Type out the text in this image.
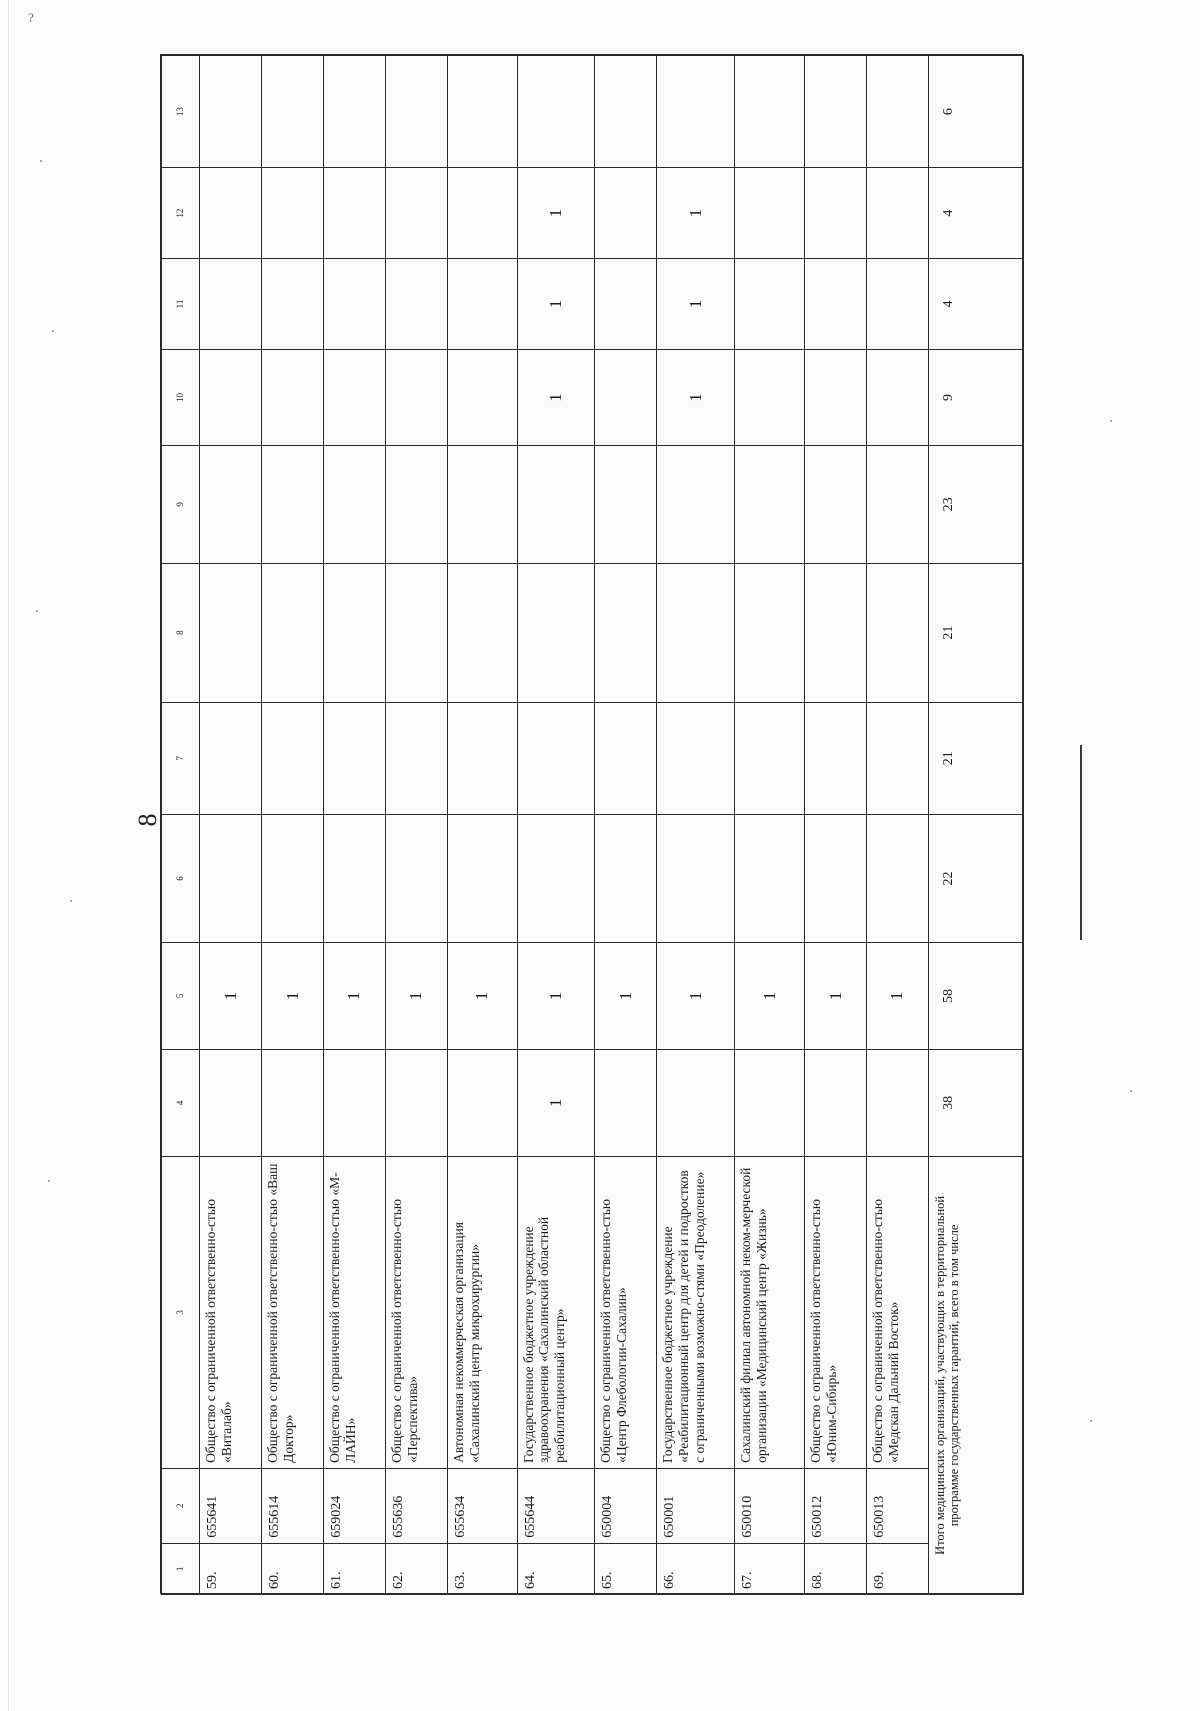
?
8
1	2	3	4	5	6	7	8	9	10	11	12	13
59.	655641	Общество с ограниченной ответственно-стью «Виталаб»		1								
60.	655614	Общество с ограниченной ответственно-стью «Ваш Доктор»		1								
61.	659024	Общество с ограниченной ответственно-стью «М-ЛАЙН»		1								
62.	655636	Общество с ограниченной ответственно-стью «Перспектива»		1								
63.	655634	Автономная некоммерческая организация «Сахалинский центр микрохирургии»		1								
64.	655644	Государственное бюджетное учреждение здравоохранения «Сахалинский областной реабилитационный центр»	1	1					1	1	1	
65.	650004	Общество с ограниченной ответственно-стью «Центр Флебологии-Сахалин»		1								
66.	650001	Государственное бюджетное учреждение «Реабилитационный центр для детей и подростков с ограниченными возможно-стями «Преодоление»		1					1	1	1	
67.	650010	Сахалинский филиал автономной неком-мерческой организации «Медицинский центр «Жизнь»		1								
68.	650012	Общество с ограниченной ответственно-стью «Юним-Сибирь»		1								
69.	650013	Общество с ограниченной ответственно-стью «Медскан Дальний Восток»		1								
Итого медицинских организаций, участвующих в территориальной программе государственных гарантий, всего в том числе			38	58	22	21	21	23	9	4	4	6
